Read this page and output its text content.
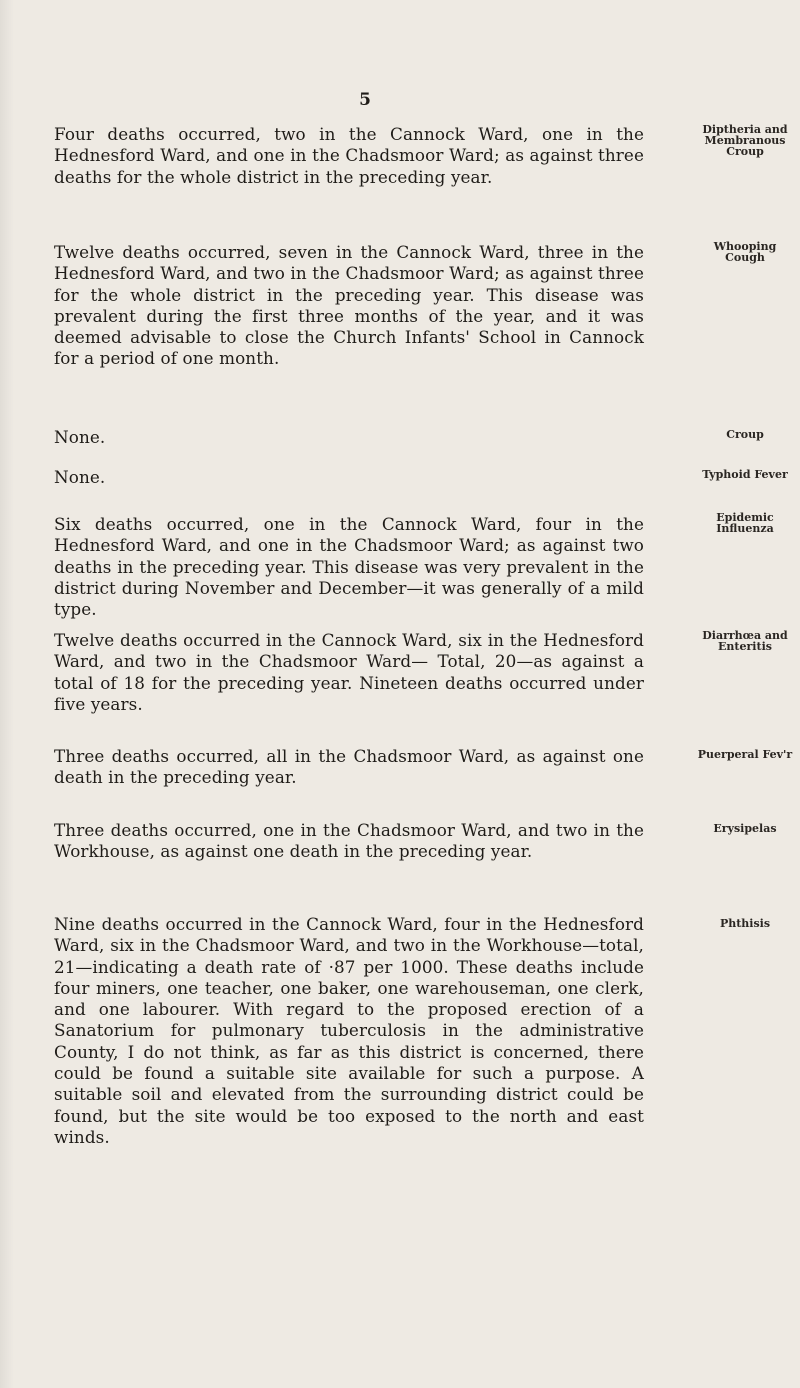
5
Diptheria and
Membranous
Croup

Four deaths occurred, two in the Cannock Ward, one in the Hednesford Ward, and one in the Chadsmoor Ward; as against three deaths for the whole district in the preceding year.

Whooping
Cough

Twelve deaths occurred, seven in the Cannock Ward, three in the Hednesford Ward, and two in the Chadsmoor Ward; as against three for the whole district in the preceding year. This disease was prevalent during the first three months of the year, and it was deemed advisable to close the Church Infants' School in Cannock for a period of one month.

Croup

None.

Typhoid Fever

None.

Epidemic
Influenza

Six deaths occurred, one in the Cannock Ward, four in the Hednesford Ward, and one in the Chadsmoor Ward; as against two deaths in the preceding year. This disease was very prevalent in the district during November and December—it was generally of a mild type.

Diarrhœa and
Enteritis

Twelve deaths occurred in the Cannock Ward, six in the Hednesford Ward, and two in the Chadsmoor Ward— Total, 20—as against a total of 18 for the preceding year. Nineteen deaths occurred under five years.

Puerperal Fev'r

Three deaths occurred, all in the Chadsmoor Ward, as against one death in the preceding year.

Erysipelas

Three deaths occurred, one in the Chadsmoor Ward, and two in the Workhouse, as against one death in the preceding year.

Phthisis

Nine deaths occurred in the Cannock Ward, four in the Hednesford Ward, six in the Chadsmoor Ward, and two in the Workhouse—total, 21—indicating a death rate of ·87 per 1000. These deaths include four miners, one teacher, one baker, one warehouseman, one clerk, and one labourer. With regard to the proposed erection of a Sanatorium for pulmonary tuberculosis in the administrative County, I do not think, as far as this district is concerned, there could be found a suitable site available for such a purpose. A suitable soil and elevated from the surrounding district could be found, but the site would be too exposed to the north and east winds.
